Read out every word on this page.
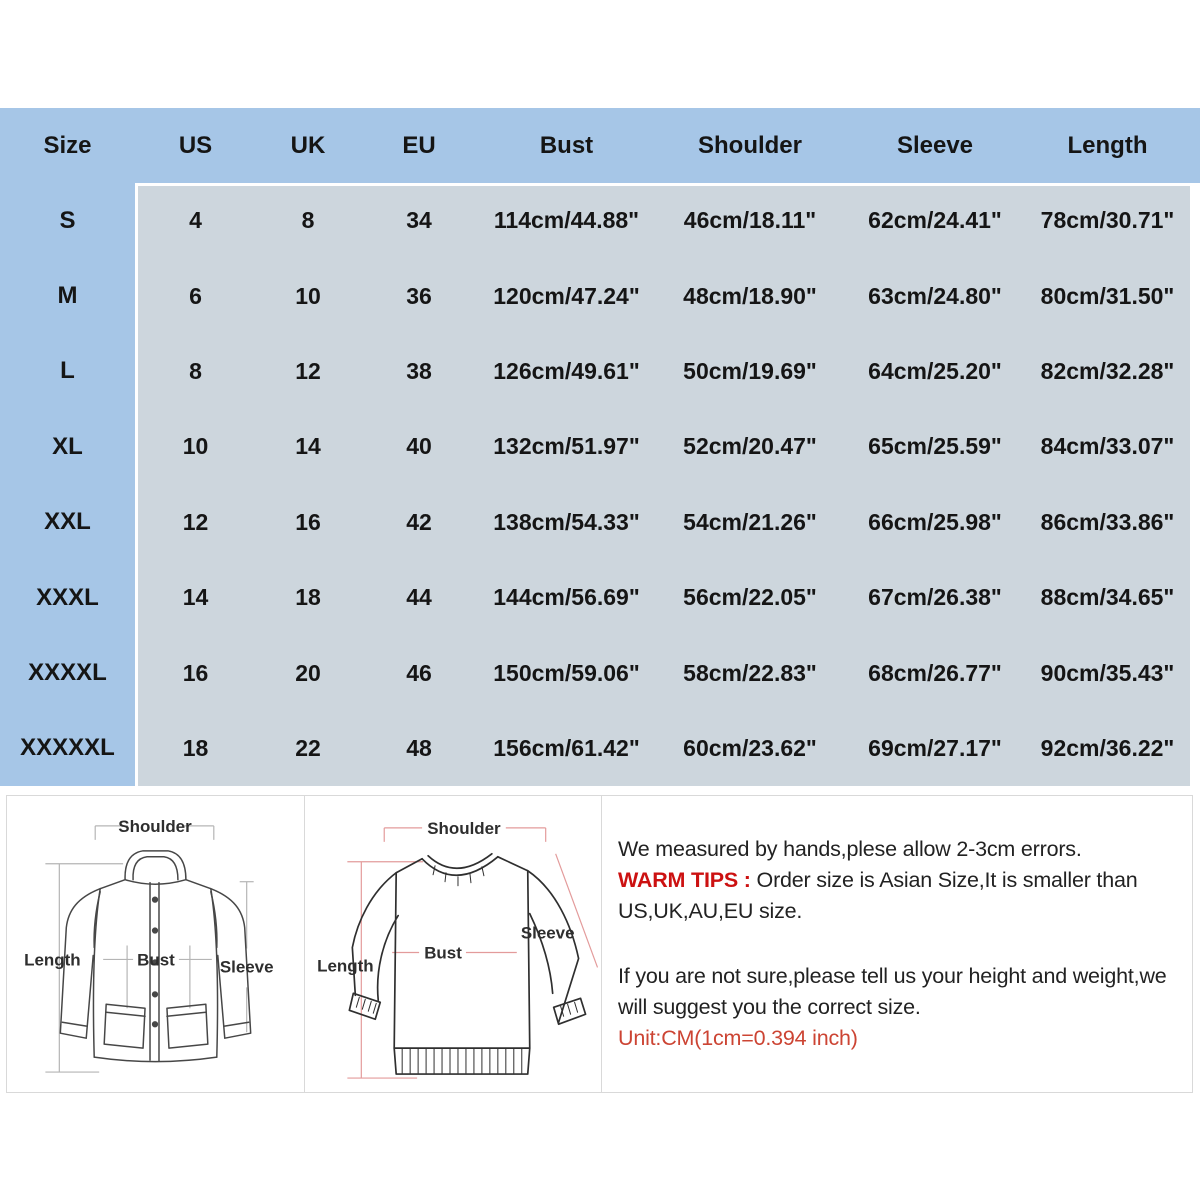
Size	US	UK	EU	Bust	Shoulder	Sleeve	Length
S	4	8	34	114cm/44.88"	46cm/18.11"	62cm/24.41"	78cm/30.71"
M	6	10	36	120cm/47.24"	48cm/18.90"	63cm/24.80"	80cm/31.50"
L	8	12	38	126cm/49.61"	50cm/19.69"	64cm/25.20"	82cm/32.28"
XL	10	14	40	132cm/51.97"	52cm/20.47"	65cm/25.59"	84cm/33.07"
XXL	12	16	42	138cm/54.33"	54cm/21.26"	66cm/25.98"	86cm/33.86"
XXXL	14	18	44	144cm/56.69"	56cm/22.05"	67cm/26.38"	88cm/34.65"
XXXXL	16	20	46	150cm/59.06"	58cm/22.83"	68cm/26.77"	90cm/35.43"
XXXXXL	18	22	48	156cm/61.42"	60cm/23.62"	69cm/27.17"	92cm/36.22"
Shoulder
Length	Bust	Sleeve
Shoulder
Length
Bust
Sleeve

We measured by hands,plese allow 2-3cm errors.
WARM TIPS : Order size is Asian Size,It is smaller than
US,UK,AU,EU size.

If you are not sure,please tell us your height and weight,we
will suggest you the correct size.
Unit:CM(1cm=0.394 inch)
